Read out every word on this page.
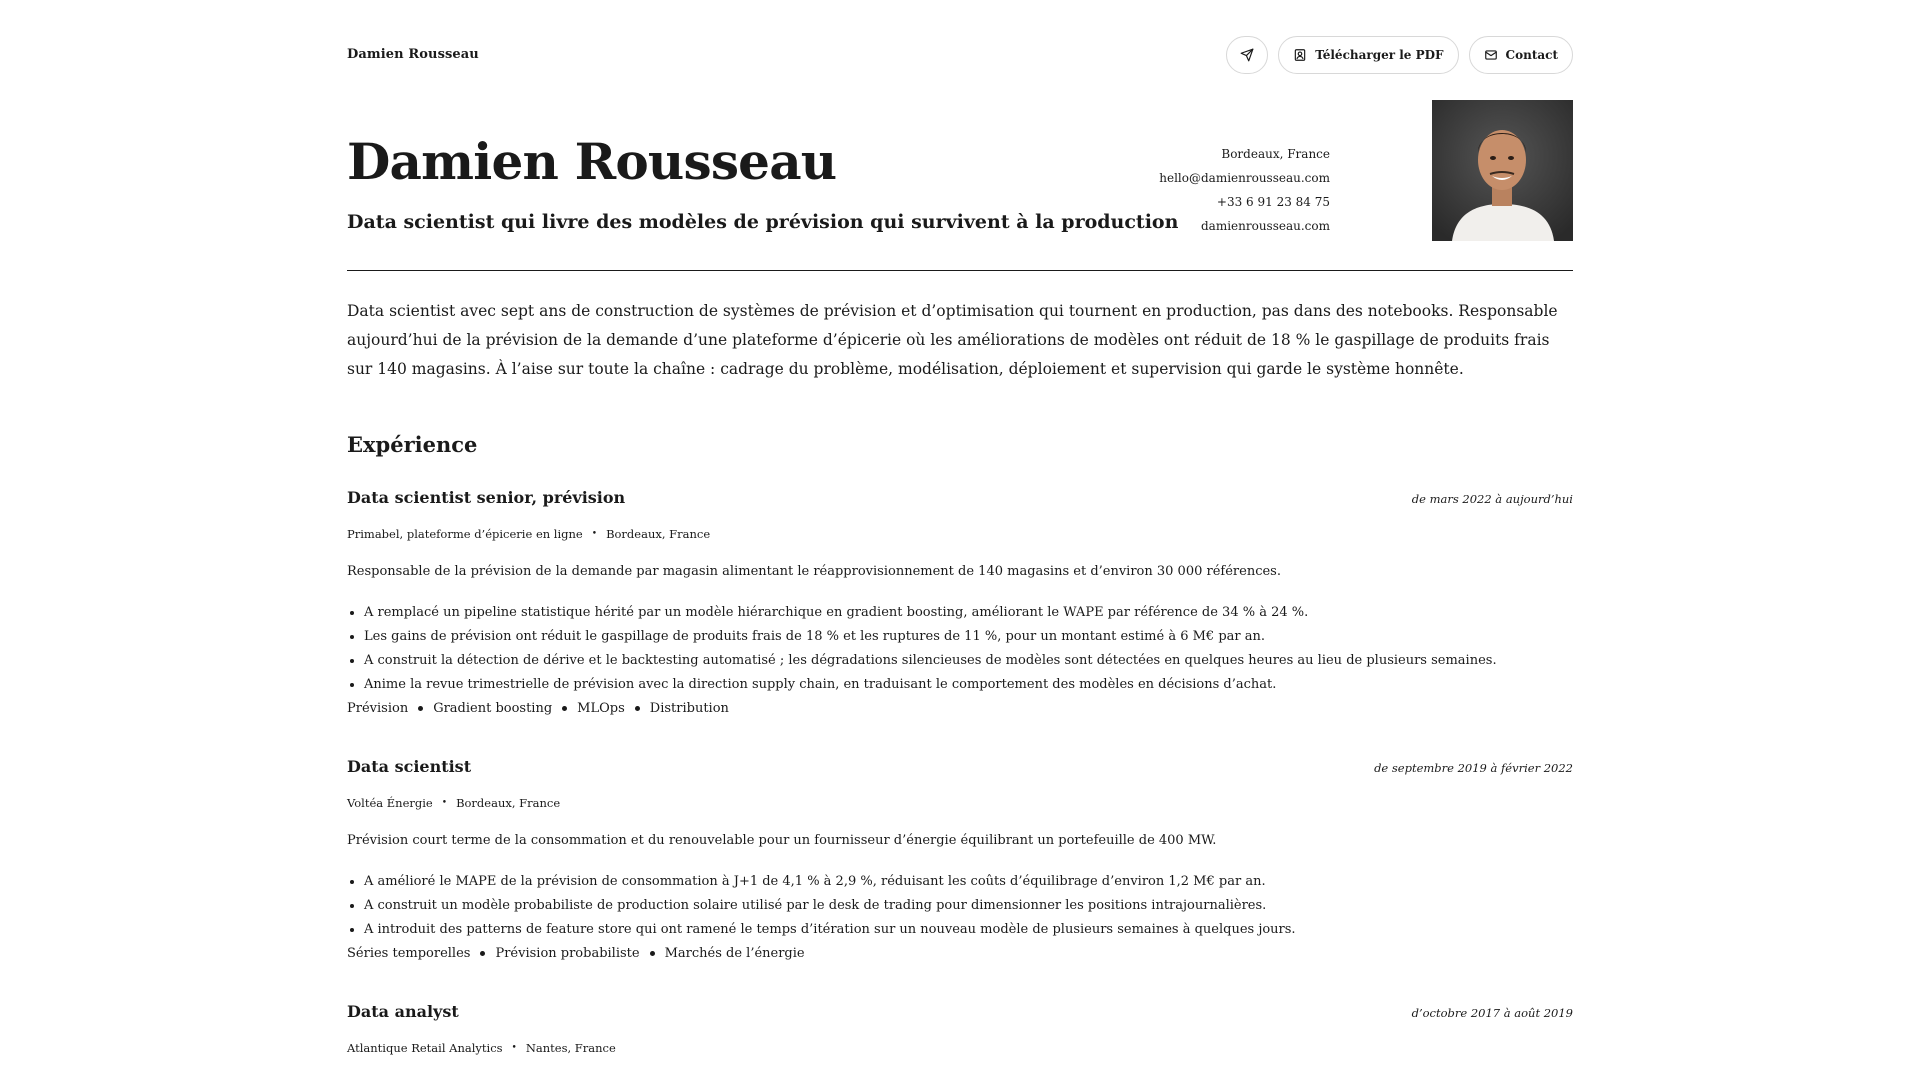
Damien Rousseau	Télécharger le PDF	Contact
Damien Rousseau
Data scientist qui livre des modèles de prévision qui survivent à la production
Bordeaux, France
hello@damienrousseau.com
+33 6 91 23 84 75
damienrousseau.com

Data scientist avec sept ans de construction de systèmes de prévision et d’optimisation qui tournent en production, pas dans des notebooks. Responsable aujourd’hui de la prévision de la demande d’une plateforme d’épicerie où les améliorations de modèles ont réduit de 18 % le gaspillage de produits frais sur 140 magasins. À l’aise sur toute la chaîne : cadrage du problème, modélisation, déploiement et supervision qui garde le système honnête.

Expérience
Data scientist senior, prévision	de mars 2022 à aujourd’hui
Primabel, plateforme d’épicerie en ligne • Bordeaux, France
Responsable de la prévision de la demande par magasin alimentant le réapprovisionnement de 140 magasins et d’environ 30 000 références.
• A remplacé un pipeline statistique hérité par un modèle hiérarchique en gradient boosting, améliorant le WAPE par référence de 34 % à 24 %.
• Les gains de prévision ont réduit le gaspillage de produits frais de 18 % et les ruptures de 11 %, pour un montant estimé à 6 M€ par an.
• A construit la détection de dérive et le backtesting automatisé ; les dégradations silencieuses de modèles sont détectées en quelques heures au lieu de plusieurs semaines.
• Anime la revue trimestrielle de prévision avec la direction supply chain, en traduisant le comportement des modèles en décisions d’achat.
Prévision Gradient boosting MLOps Distribution
Data scientist	de septembre 2019 à février 2022
Voltéa Énergie • Bordeaux, France
Prévision court terme de la consommation et du renouvelable pour un fournisseur d’énergie équilibrant un portefeuille de 400 MW.
• A amélioré le MAPE de la prévision de consommation à J+1 de 4,1 % à 2,9 %, réduisant les coûts d’équilibrage d’environ 1,2 M€ par an.
• A construit un modèle probabiliste de production solaire utilisé par le desk de trading pour dimensionner les positions intrajournalières.
• A introduit des patterns de feature store qui ont ramené le temps d’itération sur un nouveau modèle de plusieurs semaines à quelques jours.
Séries temporelles Prévision probabiliste Marchés de l’énergie
Data analyst	d’octobre 2017 à août 2019
Atlantique Retail Analytics • Nantes, France
